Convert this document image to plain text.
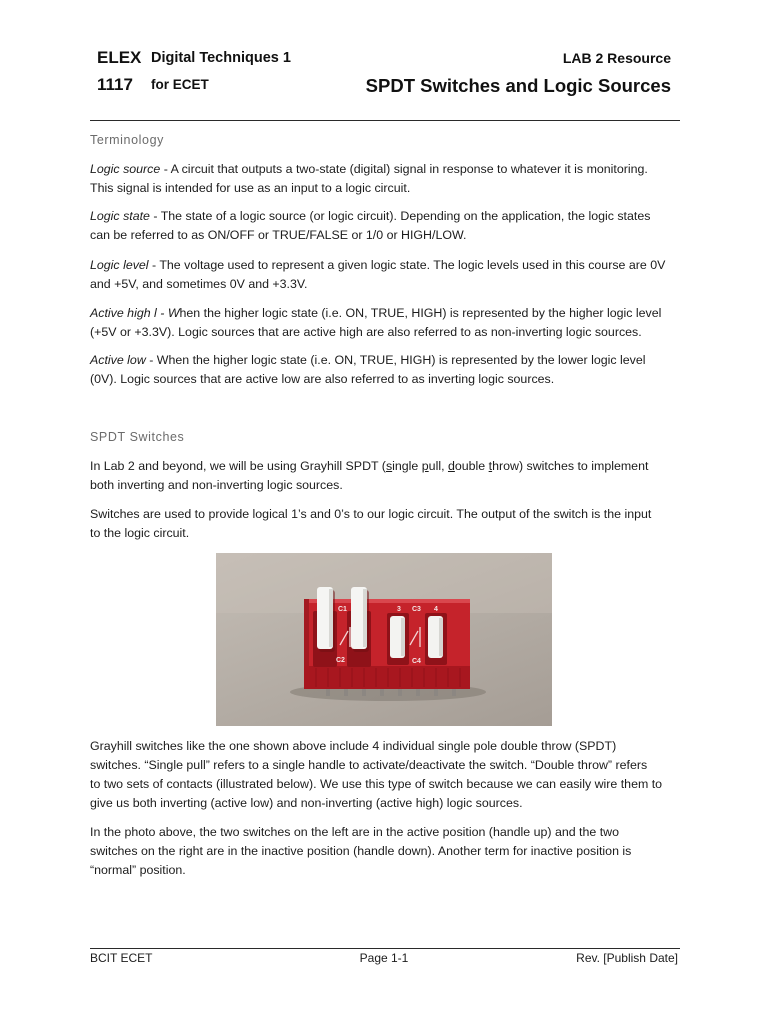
ELEX
1117
Digital Techniques 1
for ECET
LAB 2 Resource
SPDT Switches and Logic Sources
Terminology
Logic source - A circuit that outputs a two-state (digital) signal in response to whatever it is monitoring.
This signal is intended for use as an input to a logic circuit.
Logic state - The state of a logic source (or logic circuit). Depending on the application, the logic states
can be referred to as ON/OFF or TRUE/FALSE or 1/0 or HIGH/LOW.
Logic level - The voltage used to represent a given logic state. The logic levels used in this course are 0V
and +5V, and sometimes 0V and +3.3V.
Active high l - When the higher logic state (i.e. ON, TRUE, HIGH) is represented by the higher logic level
(+5V or +3.3V). Logic sources that are active high are also referred to as non-inverting logic sources.
Active low - When the higher logic state (i.e. ON, TRUE, HIGH) is represented by the lower logic level
(0V). Logic sources that are active low are also referred to as inverting logic sources.
SPDT Switches
In Lab 2 and beyond, we will be using Grayhill SPDT (single pull, double throw) switches to implement
both inverting and non-inverting logic sources.
Switches are used to provide logical 1’s and 0’s to our logic circuit. The output of the switch is the input
to the logic circuit.
C1
C2
3 C3 4
C4
Grayhill switches like the one shown above include 4 individual single pole double throw (SPDT)
switches. “Single pull” refers to a single handle to activate/deactivate the switch. “Double throw” refers
to two sets of contacts (illustrated below). We use this type of switch because we can easily wire them to
give us both inverting (active low) and non-inverting (active high) logic sources.
In the photo above, the two switches on the left are in the active position (handle up) and the two
switches on the right are in the inactive position (handle down). Another term for inactive position is
“normal” position.
BCIT ECET	Page 1-1	Rev. [Publish Date]
